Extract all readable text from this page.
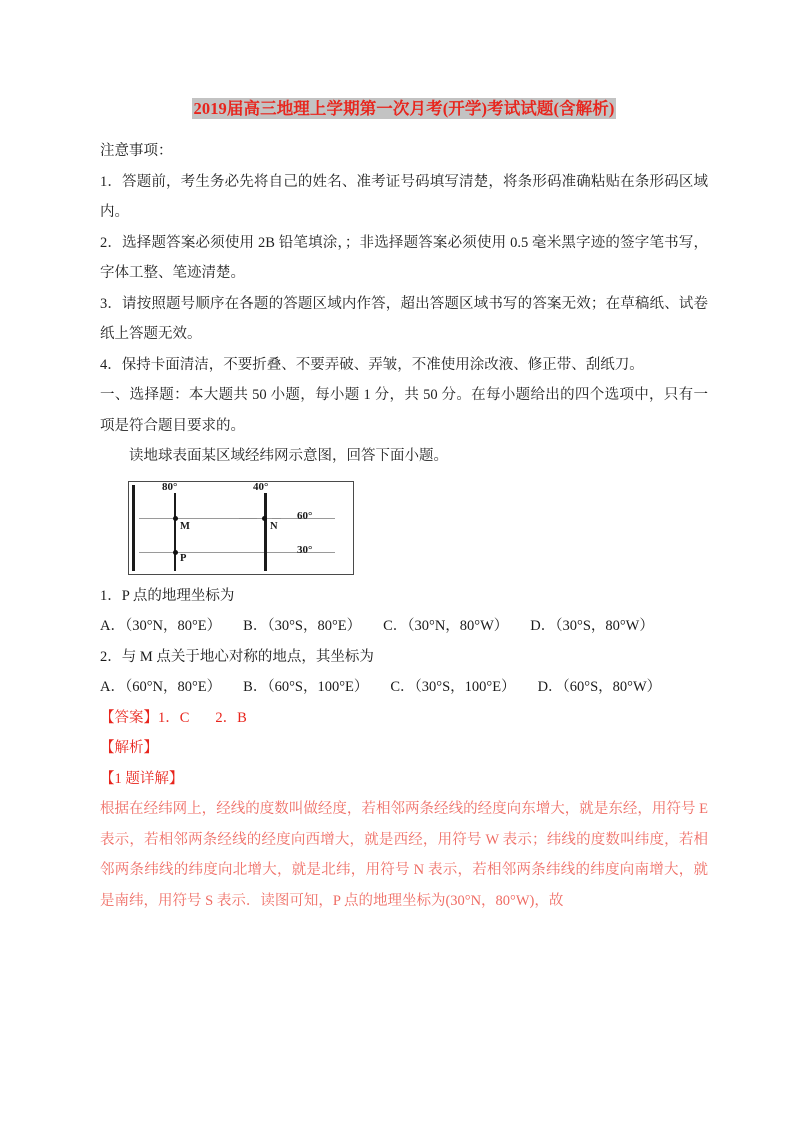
2019届高三地理上学期第一次月考(开学)考试试题(含解析)

注意事项：

1．答题前，考生务必先将自己的姓名、准考证号码填写清楚，将条形码准确粘贴在条形码区域内。

2．选择题答案必须使用 2B 铅笔填涂，；非选择题答案必须使用 0.5 毫米黑字迹的签字笔书写，字体工整、笔迹清楚。

3．请按照题号顺序在各题的答题区域内作答，超出答题区域书写的答案无效；在草稿纸、试卷纸上答题无效。

4．保持卡面清洁，不要折叠、不要弄破、弄皱，不准使用涂改液、修正带、刮纸刀。

一、选择题：本大题共 50 小题，每小题 1 分，共 50 分。在每小题给出的四个选项中，只有一项是符合题目要求的。

读地球表面某区域经纬网示意图，回答下面小题。

80°	40°
60°
30°
M	N
P

1．P 点的地理坐标为

A．（30°N，80°E） B．（30°S，80°E） C．（30°N，80°W） D．（30°S，80°W）

2．与 M 点关于地心对称的地点，其坐标为

A．（60°N，80°E） B．（60°S，100°E） C．（30°S，100°E） D．（60°S，80°W）

【答案】1．C 2．B

【解析】

【1 题详解】

根据在经纬网上，经线的度数叫做经度，若相邻两条经线的经度向东增大，就是东经，用符号 E 表示，若相邻两条经线的经度向西增大，就是西经，用符号 W 表示；纬线的度数叫纬度，若相邻两条纬线的纬度向北增大，就是北纬，用符号 N 表示，若相邻两条纬线的纬度向南增大，就是南纬，用符号 S 表示．读图可知，P 点的地理坐标为(30°N，80°W)，故
